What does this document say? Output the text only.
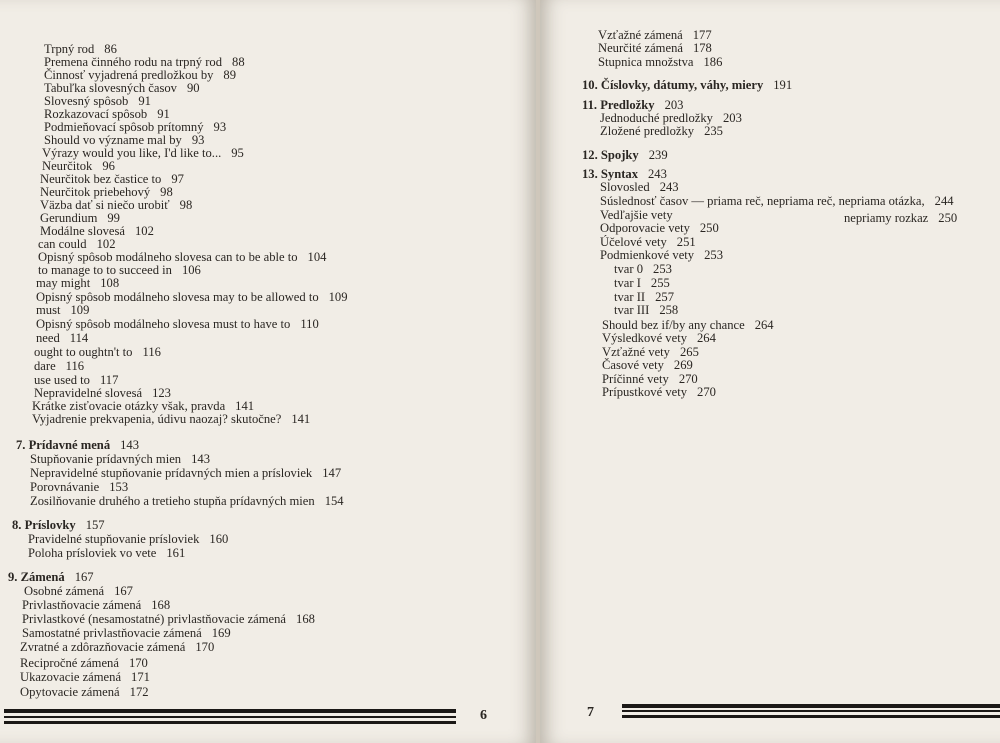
Trpný rod 86
Premena činného rodu na trpný rod 88
Činnosť vyjadrená predložkou by 89
Tabuľka slovesných časov 90
Slovesný spôsob 91
Rozkazovací spôsob 91
Podmieňovací spôsob prítomný 93
Should vo význame mal by 93
Výrazy would you like, I'd like to... 95
Neurčitok 96
Neurčitok bez častice to 97
Neurčitok priebehový 98
Väzba dať si niečo urobiť 98
Gerundium 99
Modálne slovesá 102
can could 102
Opisný spôsob modálneho slovesa can to be able to 104
to manage to to succeed in 106
may might 108
Opisný spôsob modálneho slovesa may to be allowed to 109
must 109
Opisný spôsob modálneho slovesa must to have to 110
need 114
ought to oughtn't to 116
dare 116
use used to 117
Nepravidelné slovesá 123
Krátke zisťovacie otázky však, pravda 141
Vyjadrenie prekvapenia, údivu naozaj? skutočne? 141
7. Prídavné mená 143
Stupňovanie prídavných mien 143
Nepravidelné stupňovanie prídavných mien a prísloviek 147
Porovnávanie 153
Zosilňovanie druhého a tretieho stupňa prídavných mien 154
8. Príslovky 157
Pravidelné stupňovanie prísloviek 160
Poloha prísloviek vo vete 161
9. Zámená 167
Osobné zámená 167
Privlastňovacie zámená 168
Privlastkové (nesamostatné) privlastňovacie zámená 168
Samostatné privlastňovacie zámená 169
Zvratné a zdôrazňovacie zámená 170
Recipročné zámená 170
Ukazovacie zámená 171
Opytovacie zámená 172
6
Vzťažné zámená 177
Neurčité zámená 178
Stupnica množstva 186
10. Číslovky, dátumy, váhy, miery 191
11. Predložky 203
Jednoduché predložky 203
Zložené predložky 235
12. Spojky 239
13. Syntax 243
Slovosled 243
Súslednosť časov — priama reč, nepriama reč, nepriama otázka, 244
Vedľajšie vety	nepriamy rozkaz 250
Odporovacie vety 250
Účelové vety 251
Podmienkové vety 253
tvar 0 253
tvar I 255
tvar II 257
tvar III 258
Should bez if/by any chance 264
Výsledkové vety 264
Vzťažné vety 265
Časové vety 269
Príčinné vety 270
Prípustkové vety 270
7
